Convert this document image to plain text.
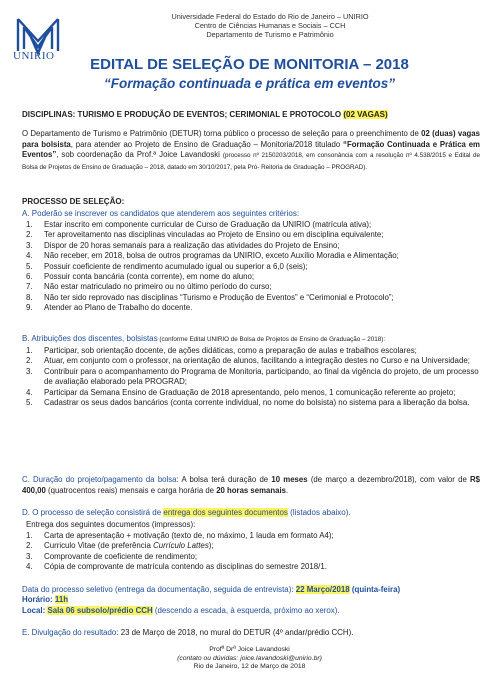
UNIRIO
Universidade Federal do Estado do Rio de Janeiro – UNIRIO
Centro de Ciências Humanas e Sociais – CCH
Departamento de Turismo e Patrimônio
EDITAL DE SELEÇÃO DE MONITORIA – 2018
“Formação continuada e prática em eventos”
DISCIPLINAS: TURISMO E PRODUÇÃO DE EVENTOS; CERIMONIAL E PROTOCOLO (02 VAGAS)
O Departamento de Turismo e Patrimônio (DETUR) torna público o processo de seleção para o preenchimento de 02 (duas) vagas para bolsista, para atender ao Projeto de Ensino de Graduação – Monitoria/2018 titulado “Formação Continuada e Prática em Eventos”, sob coordenação da Prof.ª Joice Lavandoski (processo nº 2150203/2018, em consonância com a resolução nº 4.538/2015 e Edital de Bolsa de Projetos de Ensino de Graduação – 2018, datado em 30/10/2017, pela Pró- Reitoria de Graduação – PROGRAD).
PROCESSO DE SELEÇÃO:
A. Poderão se inscrever os candidatos que atenderem aos seguintes critérios:
1. Estar inscrito em componente curricular de Curso de Graduação da UNIRIO (matrícula ativa);
2. Ter aproveitamento nas disciplinas vinculadas ao Projeto de Ensino ou em disciplina equivalente;
3. Dispor de 20 horas semanais para a realização das atividades do Projeto de Ensino;
4. Não receber, em 2018, bolsa de outros programas da UNIRIO, exceto Auxílio Moradia e Alimentação;
5. Possuir coeficiente de rendimento acumulado igual ou superior a 6,0 (seis);
6. Possuir conta bancária (conta corrente), em nome do aluno;
7. Não estar matriculado no primeiro ou no último período do curso;
8. Não ter sido reprovado nas disciplinas “Turismo e Produção de Eventos” e “Cerimonial e Protocolo”;
9. Atender ao Plano de Trabalho do docente.
B. Atribuições dos discentes, bolsistas (conforme Edital UNIRIO de Bolsa de Projetos de Ensino de Graduação – 2018):
1. Participar, sob orientação docente, de ações didáticas, como a preparação de aulas e trabalhos escolares;
2. Atuar, em conjunto com o professor, na orientação de alunos, facilitando a integração destes no Curso e na Universidade;
3. Contribuir para o acompanhamento do Programa de Monitoria, participando, ao final da vigência do projeto, de um processo de avaliação elaborado pela PROGRAD;
4. Participar da Semana Ensino de Graduação de 2018 apresentando, pelo menos, 1 comunicação referente ao projeto;
5. Cadastrar os seus dados bancários (conta corrente individual, no nome do bolsista) no sistema para a liberação da bolsa.
C. Duração do projeto/pagamento da bolsa: A bolsa terá duração de 10 meses (de março a dezembro/2018), com valor de R$ 400,00 (quatrocentos reais) mensais e carga horária de 20 horas semanais.
D. O processo de seleção consistirá de entrega dos seguintes documentos (listados abaixo).
Entrega dos seguintes documentos (impressos):
1. Carta de apresentação + motivação (texto de, no máximo, 1 lauda em formato A4);
2. Curriculo Vitae (de preferência Currículo Lattes);
3. Comprovante de coeficiente de rendimento;
4. Cópia de comprovante de matrícula contendo as disciplinas do semestre 2018/1.
Data do processo seletivo (entrega da documentação, seguida de entrevista): 22 Março/2018 (quinta-feira)
Horário: 11h
Local: Sala 06 subsolo/prédio CCH (descendo a escada, à esquerda, próximo ao xerox).
E. Divulgação do resultado: 23 de Março de 2018, no mural do DETUR (4º andar/prédio CCH).
Profª Drª Joice Lavandoski
(contato ou dúvidas: joice.lavandoski@unirio.br)
Rio de Janeiro, 12 de Março de 2018
